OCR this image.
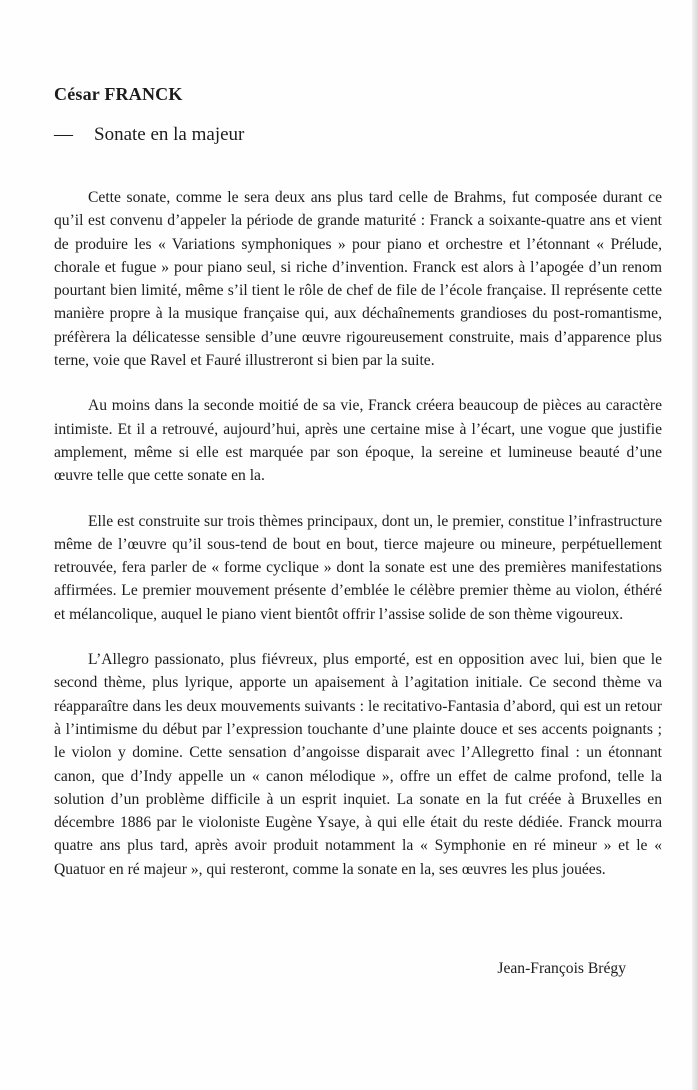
César FRANCK
— Sonate en la majeur

Cette sonate, comme le sera deux ans plus tard celle de Brahms, fut composée durant ce qu’il est convenu d’appeler la période de grande maturité : Franck a soixante-quatre ans et vient de produire les « Variations symphoniques » pour piano et orchestre et l’étonnant « Prélude, chorale et fugue » pour piano seul, si riche d’invention. Franck est alors à l’apogée d’un renom pourtant bien limité, même s’il tient le rôle de chef de file de l’école française. Il représente cette manière propre à la musique française qui, aux déchaînements grandioses du post-romantisme, préfèrera la délicatesse sensible d’une œuvre rigoureusement construite, mais d’apparence plus terne, voie que Ravel et Fauré illustreront si bien par la suite.

Au moins dans la seconde moitié de sa vie, Franck créera beaucoup de pièces au caractère intimiste. Et il a retrouvé, aujourd’hui, après une certaine mise à l’écart, une vogue que justifie amplement, même si elle est marquée par son époque, la sereine et lumineuse beauté d’une œuvre telle que cette sonate en la.

Elle est construite sur trois thèmes principaux, dont un, le premier, constitue l’infrastructure même de l’œuvre qu’il sous-tend de bout en bout, tierce majeure ou mineure, perpétuellement retrouvée, fera parler de « forme cyclique » dont la sonate est une des premières manifestations affirmées. Le premier mouvement présente d’emblée le célèbre premier thème au violon, éthéré et mélancolique, auquel le piano vient bientôt offrir l’assise solide de son thème vigoureux.

L’Allegro passionato, plus fiévreux, plus emporté, est en opposition avec lui, bien que le second thème, plus lyrique, apporte un apaisement à l’agitation initiale. Ce second thème va réapparaître dans les deux mouvements suivants : le recitativo-Fantasia d’abord, qui est un retour à l’intimisme du début par l’expression touchante d’une plainte douce et ses accents poignants ; le violon y domine. Cette sensation d’angoisse disparait avec l’Allegretto final : un étonnant canon, que d’Indy appelle un « canon mélodique », offre un effet de calme profond, telle la solution d’un problème difficile à un esprit inquiet. La sonate en la fut créée à Bruxelles en décembre 1886 par le violoniste Eugène Ysaye, à qui elle était du reste dédiée. Franck mourra quatre ans plus tard, après avoir produit notamment la « Symphonie en ré mineur » et le « Quatuor en ré majeur », qui resteront, comme la sonate en la, ses œuvres les plus jouées.

Jean-François Brégy
